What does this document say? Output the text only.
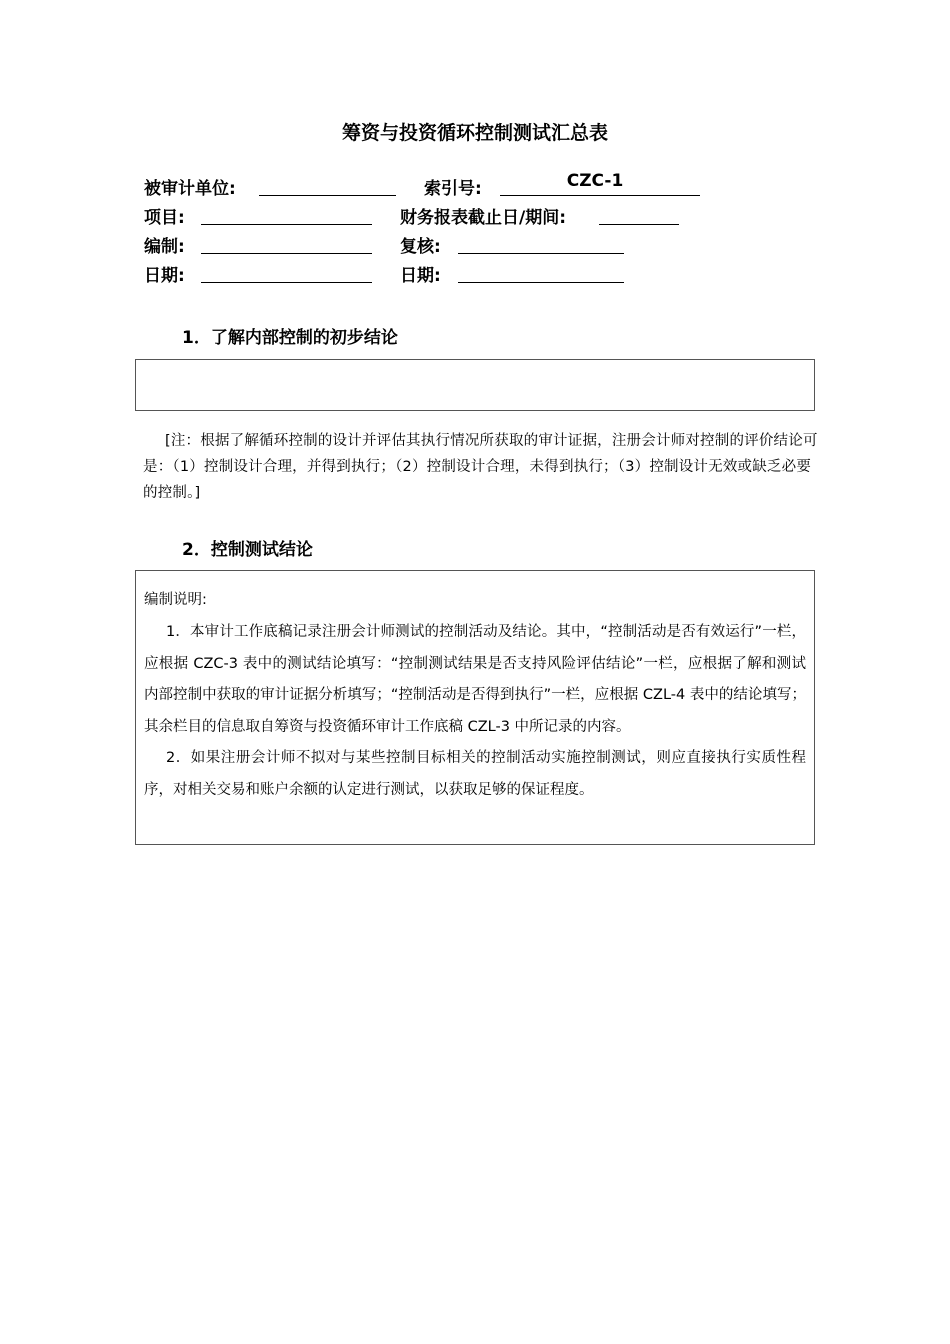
筹资与投资循环控制测试汇总表
被审计单位:	索引号:	CZC-1
项目:	财务报表截止日/期间:
编制:	复核:
日期:	日期:
1．了解内部控制的初步结论
[注：根据了解循环控制的设计并评估其执行情况所获取的审计证据，注册会计师对控制的评价结论可是：（1）控制设计合理，并得到执行；（2）控制设计合理，未得到执行；（3）控制设计无效或缺乏必要的控制。]
2．控制测试结论
编制说明:
1．本审计工作底稿记录注册会计师测试的控制活动及结论。其中，“控制活动是否有效运行”一栏，应根据 CZC-3 表中的测试结论填写：“控制测试结果是否支持风险评估结论”一栏，应根据了解和测试内部控制中获取的审计证据分析填写；“控制活动是否得到执行”一栏，应根据 CZL-4 表中的结论填写；其余栏目的信息取自筹资与投资循环审计工作底稿 CZL-3 中所记录的内容。
2．如果注册会计师不拟对与某些控制目标相关的控制活动实施控制测试，则应直接执行实质性程序，对相关交易和账户余额的认定进行测试，以获取足够的保证程度。
